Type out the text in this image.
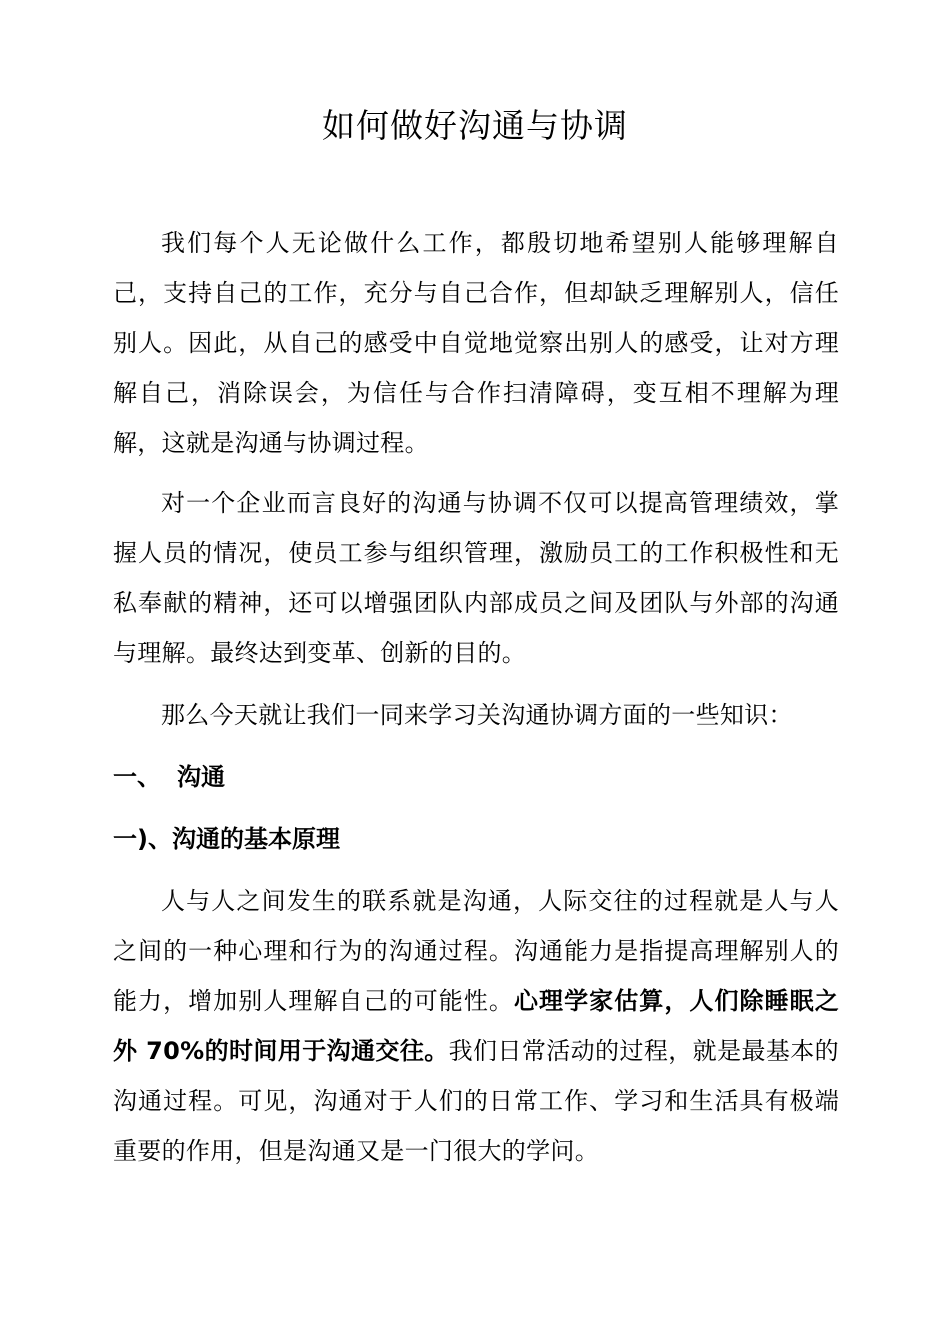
如何做好沟通与协调

我们每个人无论做什么工作，都殷切地希望别人能够理解自己，支持自己的工作，充分与自己合作，但却缺乏理解别人，信任别人。因此，从自己的感受中自觉地觉察出别人的感受，让对方理解自己，消除误会，为信任与合作扫清障碍，变互相不理解为理解，这就是沟通与协调过程。

对一个企业而言良好的沟通与协调不仅可以提高管理绩效，掌握人员的情况，使员工参与组织管理，激励员工的工作积极性和无私奉献的精神，还可以增强团队内部成员之间及团队与外部的沟通与理解。最终达到变革、创新的目的。

那么今天就让我们一同来学习关沟通协调方面的一些知识：

一、 沟通
一)、沟通的基本原理

人与人之间发生的联系就是沟通，人际交往的过程就是人与人之间的一种心理和行为的沟通过程。沟通能力是指提高理解别人的能力，增加别人理解自己的可能性。心理学家估算，人们除睡眠之外 70%的时间用于沟通交往。我们日常活动的过程，就是最基本的沟通过程。可见，沟通对于人们的日常工作、学习和生活具有极端重要的作用，但是沟通又是一门很大的学问。
